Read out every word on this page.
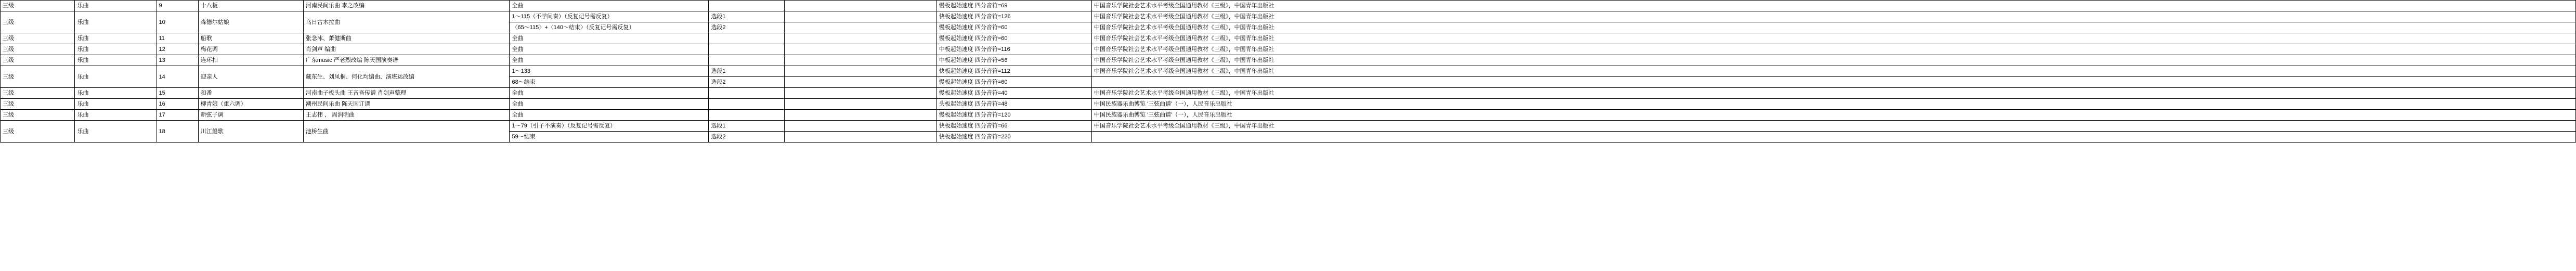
三级	乐曲	9	十八板	河南民间乐曲 李之改编	全曲			慢板起始速度 四分音符=69	中国音乐学院社会艺术水平考级全国通用教材《三级》，中国青年出版社
三级	乐曲	10	森德尔姑娘	乌日古木拉曲	1～115（不学间奏）（反复记号需反复）	选段1		快板起始速度 四分音符=126	中国音乐学院社会艺术水平考级全国通用教材《三级》，中国青年出版社
					〈65～115〉+〈140～结束〉（反复记号需反复）	选段2		慢板起始速度 四分音符=60	中国音乐学院社会艺术水平考级全国通用教材《三级》，中国青年出版社
三级	乐曲	11	船歌	张念冰、萧健斯曲	全曲			慢板起始速度 四分音符=60	中国音乐学院社会艺术水平考级全国通用教材《三级》，中国青年出版社
三级	乐曲	12	梅花调	肖剑声 编曲	全曲			中板起始速度 四分音符=116	中国音乐学院社会艺术水平考级全国通用教材《三级》，中国青年出版社
三级	乐曲	13	连环扣	广东music 严老烈改编 陈天国演奏谱	全曲			中板起始速度 四分音符=56	中国音乐学院社会艺术水平考级全国通用教材《三级》，中国青年出版社
三级	乐曲	14	迎亲人	藏东生、刘凤桐、何化均编曲、演堪运改编	1～133	选段1		快板起始速度 四分音符=112	中国音乐学院社会艺术水平考级全国通用教材《三级》，中国青年出版社
					68～结束	选段2		慢板起始速度 四分音符=60	
三级	乐曲	15	和番	河南曲子板头曲 王音吾传谱 肖剑声整理	全曲			慢板起始速度 四分音符=40	中国音乐学院社会艺术水平考级全国通用教材《三级》，中国青年出版社
三级	乐曲	16	柳青娘（重六调）	潮州民间乐曲 陈天国订谱	全曲			头板起始速度 四分音符=48	中国民族器乐曲博览 '三弦曲谱'（一），人民音乐出版社
三级	乐曲	17	新弦子调	王志伟 、 周润明曲	全曲			慢板起始速度 四分音符=120	中国民族器乐曲博览 '三弦曲谱'（一），人民音乐出版社
三级	乐曲	18	川江船歌	池桥生曲	1～79（引子不演奏）（反复记号需反复）	选段1		快板起始速度 四分音符=66	中国音乐学院社会艺术水平考级全国通用教材《三级》，中国青年出版社
					59～结束	选段2		快板起始速度 四分音符=220	
